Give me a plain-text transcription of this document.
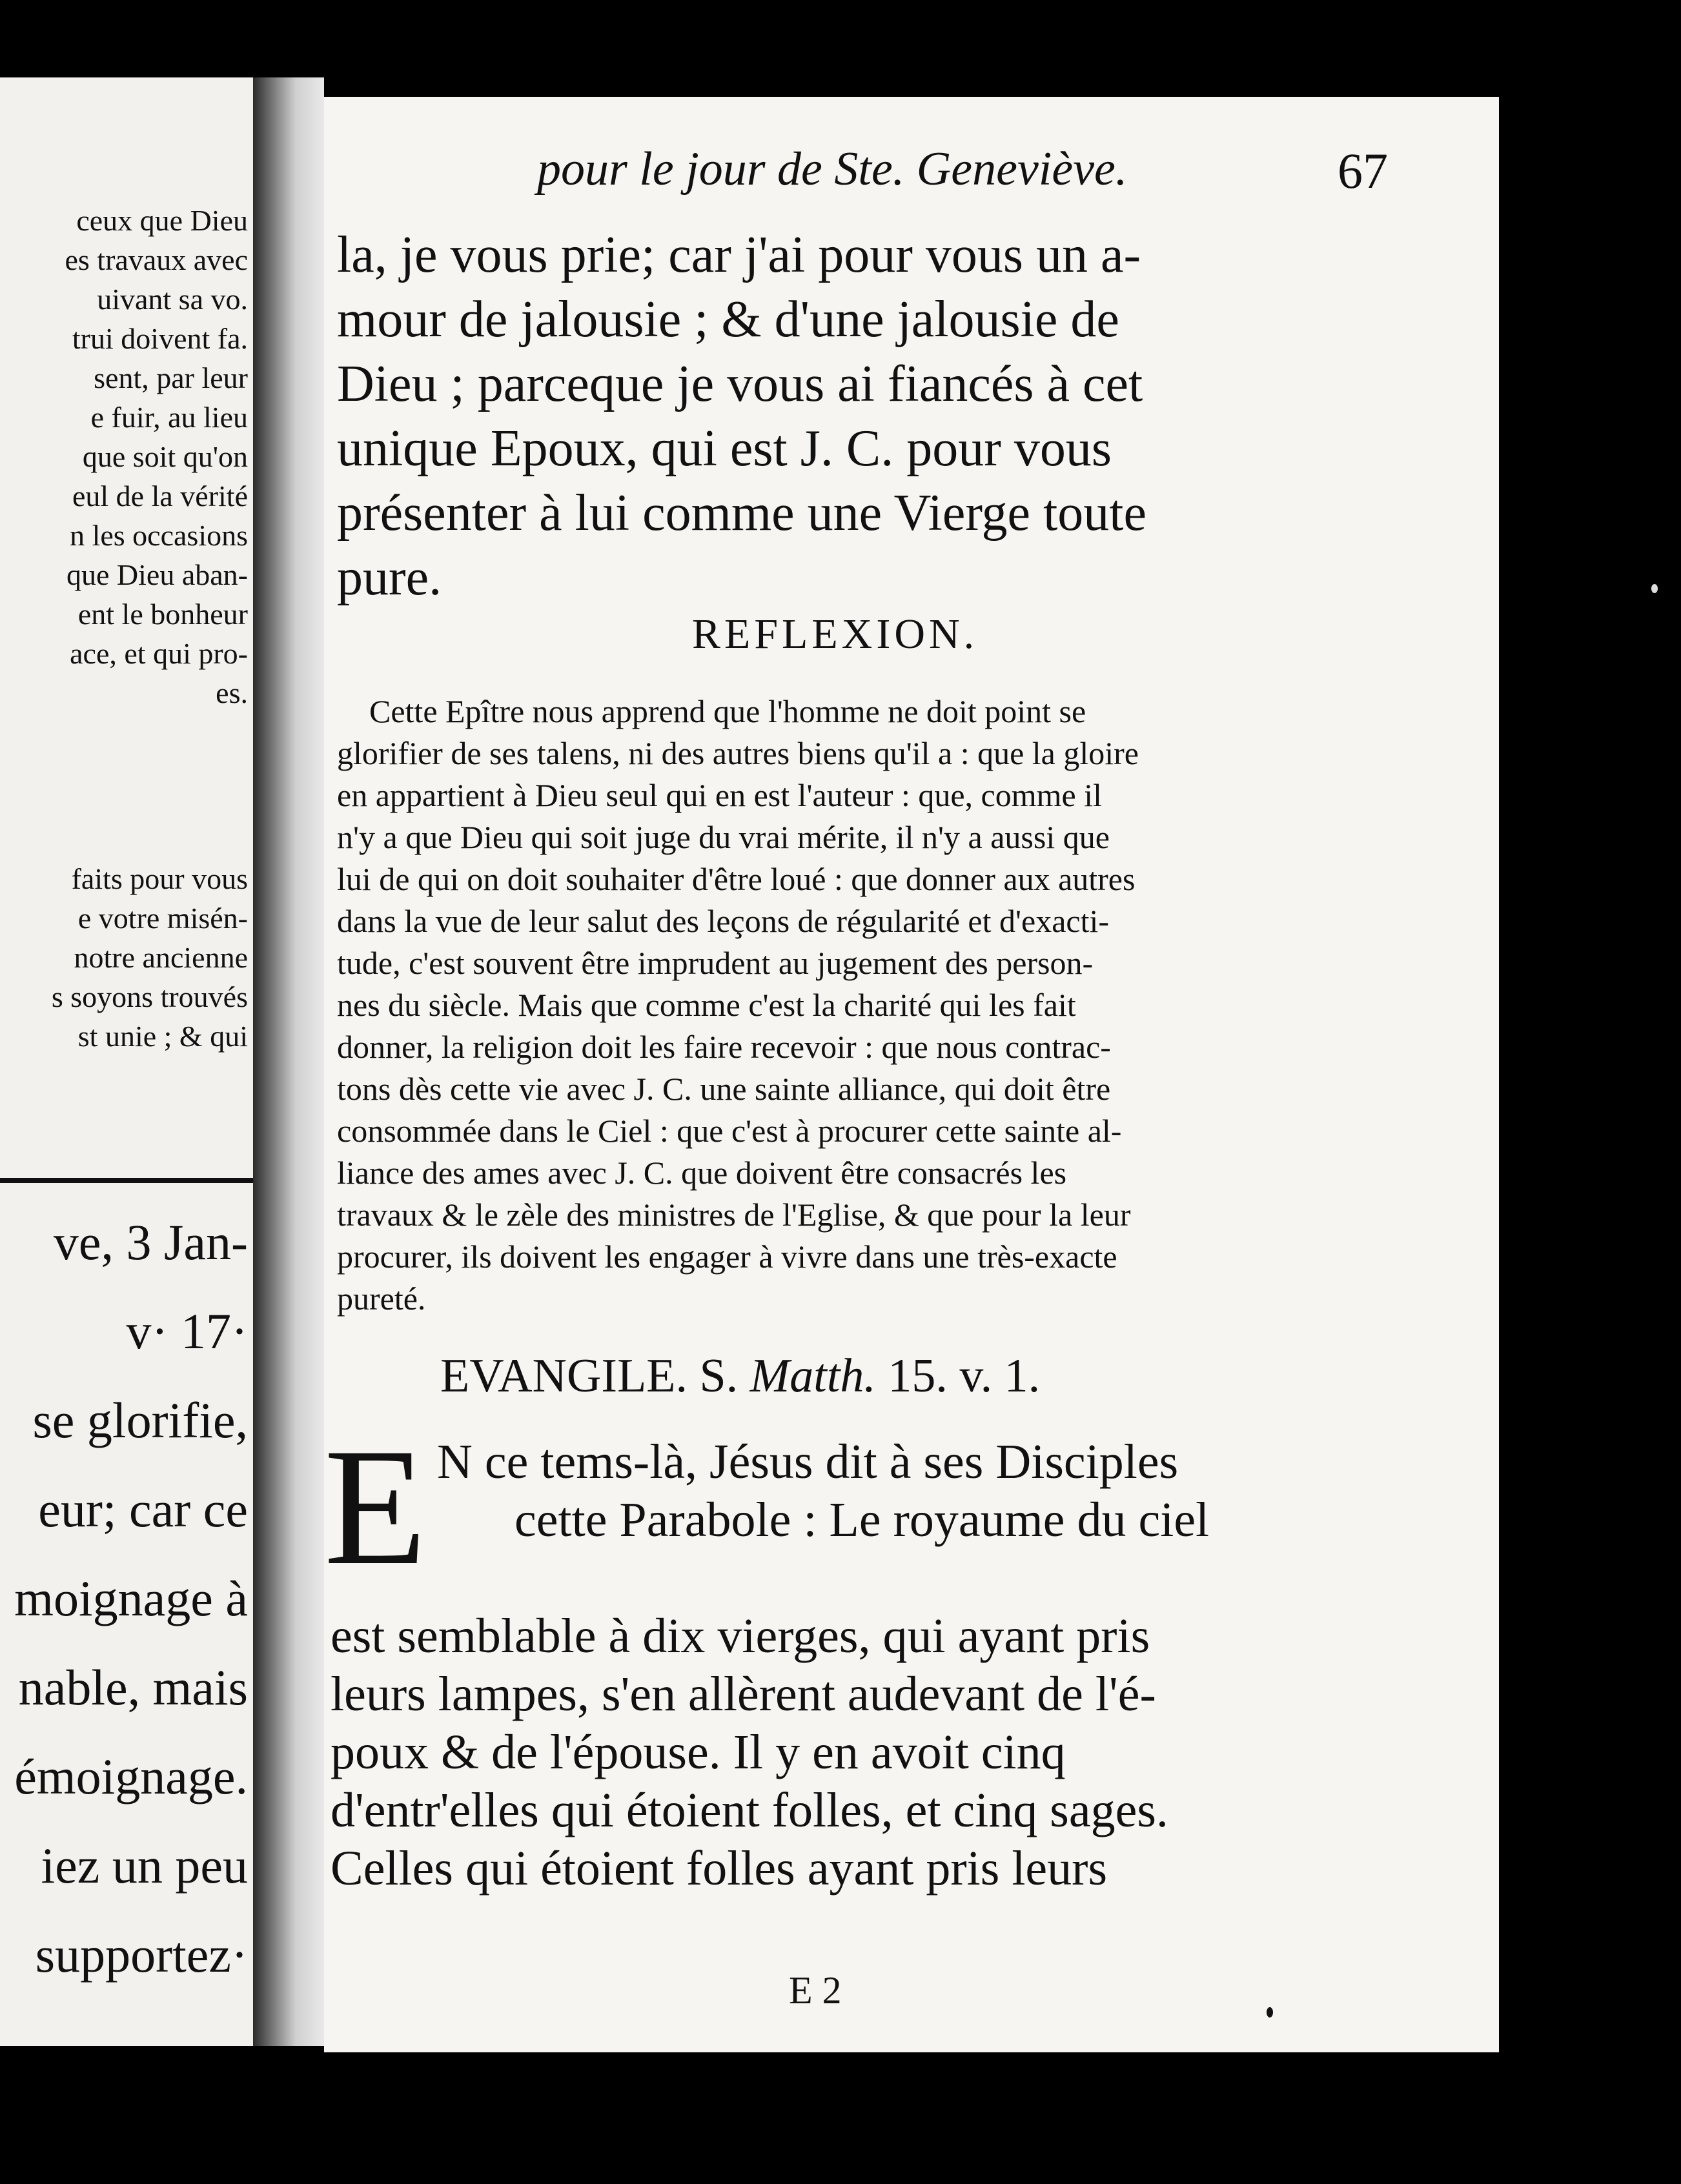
ceux que Dieu
es travaux avec
uivant sa vo.
trui doivent fa.
sent, par leur
e fuir, au lieu
que soit qu'on
eul de la vérité
n les occasions
que Dieu aban-
ent le bonheur
ace, et qui pro-
es.
faits pour vous
e votre misén-
notre ancienne
s soyons trouvés
st unie ; & qui
ve, 3 Jan-
v· 17·
se glorifie,
eur; car ce
moignage à
nable, mais
émoignage.
iez un peu
supportez·
pour le jour de Ste. Geneviève.	67
la, je vous prie; car j'ai pour vous un a-
mour de jalousie ; & d'une jalousie de
Dieu ; parceque je vous ai fiancés à cet
unique Epoux, qui est J. C. pour vous
présenter à lui comme une Vierge toute
pure.
REFLEXION.
Cette Epître nous apprend que l'homme ne doit point se
glorifier de ses talens, ni des autres biens qu'il a : que la gloire
en appartient à Dieu seul qui en est l'auteur : que, comme il
n'y a que Dieu qui soit juge du vrai mérite, il n'y a aussi que
lui de qui on doit souhaiter d'être loué : que donner aux autres
dans la vue de leur salut des leçons de régularité et d'exacti-
tude, c'est souvent être imprudent au jugement des person-
nes du siècle. Mais que comme c'est la charité qui les fait
donner, la religion doit les faire recevoir : que nous contrac-
tons dès cette vie avec J. C. une sainte alliance, qui doit être
consommée dans le Ciel : que c'est à procurer cette sainte al-
liance des ames avec J. C. que doivent être consacrés les
travaux & le zèle des ministres de l'Eglise, & que pour la leur
procurer, ils doivent les engager à vivre dans une très-exacte
pureté.
EVANGILE. S. Matth. 15. v. 1.
E N ce tems-là, Jésus dit à ses Disciples
cette Parabole : Le royaume du ciel
est semblable à dix vierges, qui ayant pris
leurs lampes, s'en allèrent audevant de l'é-
poux & de l'épouse. Il y en avoit cinq
d'entr'elles qui étoient folles, et cinq sages.
Celles qui étoient folles ayant pris leurs
E 2
